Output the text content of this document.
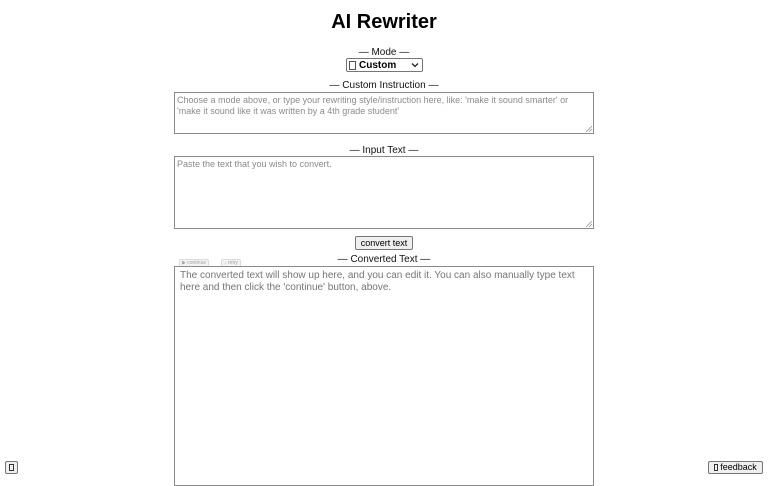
AI Rewriter
— Mode —
Custom
— Custom Instruction —
Choose a mode above, or type your rewriting style/instruction here, like: 'make it sound smarter' or 'make it sound like it was written by a 4th grade student'
— Input Text —
Paste the text that you wish to convert.
convert text
▶ continue	↓ retry	— Converted Text —
The converted text will show up here, and you can edit it. You can also manually type text here and then click the 'continue' button, above.
feedback
